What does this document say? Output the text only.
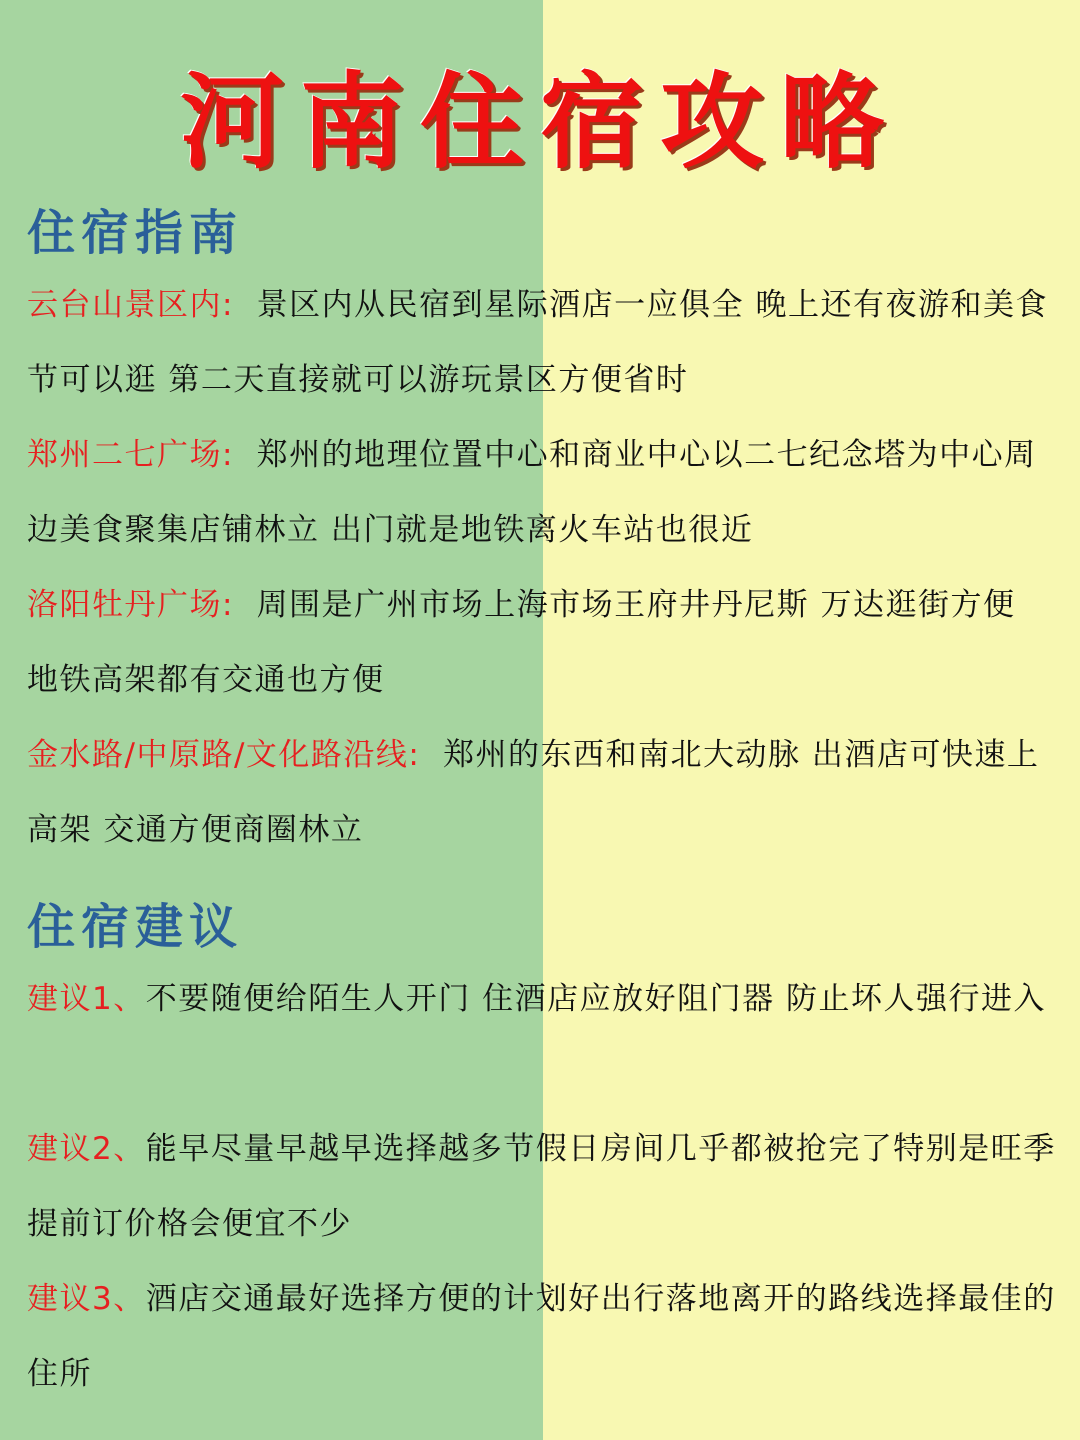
河南住宿攻略
住宿指南

云台山景区内: 景区内从民宿到星际酒店一应俱全 晚上还有夜游和美食节可以逛 第二天直接就可以游玩景区方便省时

郑州二七广场: 郑州的地理位置中心和商业中心以二七纪念塔为中心周边美食聚集店铺林立 出门就是地铁离火车站也很近

洛阳牡丹广场: 周围是广州市场上海市场王府井丹尼斯 万达逛街方便 地铁高架都有交通也方便

金水路/中原路/文化路沿线: 郑州的东西和南北大动脉 出酒店可快速上高架 交通方便商圈林立

住宿建议

建议1、不要随便给陌生人开门 住酒店应放好阻门器 防止坏人强行进入

建议2、能早尽量早越早选择越多节假日房间几乎都被抢完了特别是旺季提前订价格会便宜不少

建议3、酒店交通最好选择方便的计划好出行落地离开的路线选择最佳的住所
